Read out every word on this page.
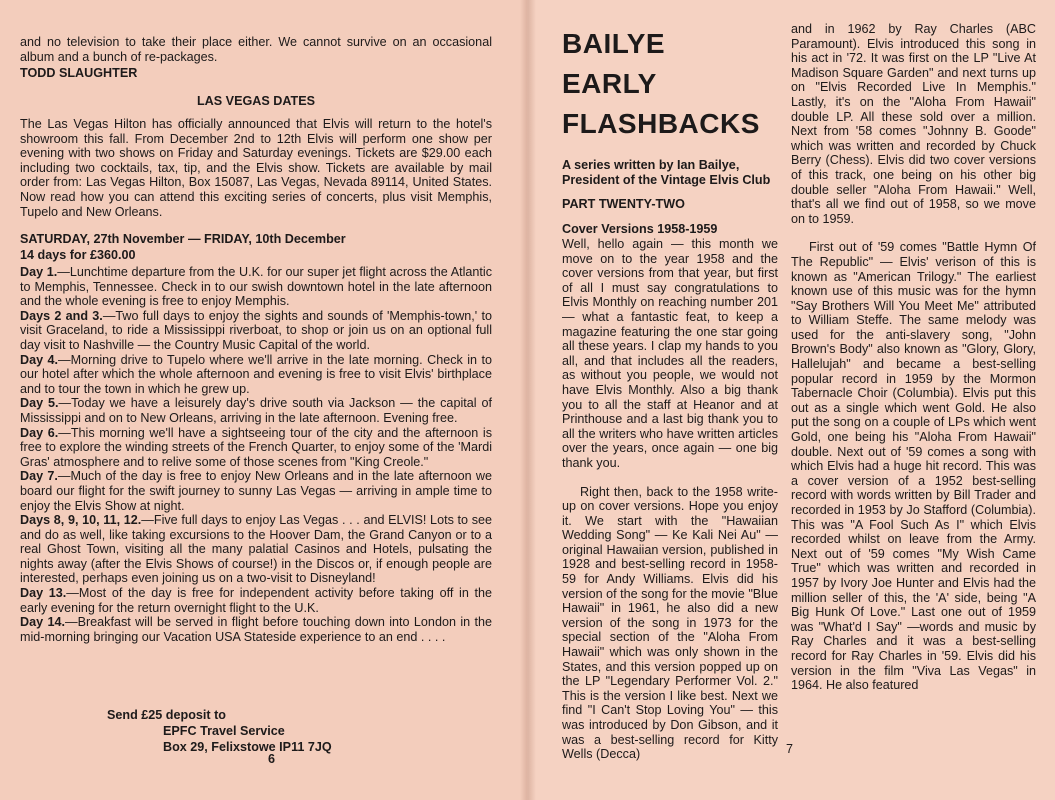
and no television to take their place either. We cannot survive on an occasional album and a bunch of re-packages.
TODD SLAUGHTER
LAS VEGAS DATES
The Las Vegas Hilton has officially announced that Elvis will return to the hotel's showroom this fall. From December 2nd to 12th Elvis will perform one show per evening with two shows on Friday and Saturday evenings. Tickets are $29.00 each including two cocktails, tax, tip, and the Elvis show. Tickets are available by mail order from: Las Vegas Hilton, Box 15087, Las Vegas, Nevada 89114, United States. Now read how you can attend this exciting series of concerts, plus visit Memphis, Tupelo and New Orleans.
SATURDAY, 27th November — FRIDAY, 10th December
14 days for £360.00

Day 1.—Lunchtime departure from the U.K. for our super jet flight across the Atlantic to Memphis, Tennessee. Check in to our swish downtown hotel in the late afternoon and the whole evening is free to enjoy Memphis.

Days 2 and 3.—Two full days to enjoy the sights and sounds of 'Memphis-town,' to visit Graceland, to ride a Mississippi riverboat, to shop or join us on an optional full day visit to Nashville — the Country Music Capital of the world.

Day 4.—Morning drive to Tupelo where we'll arrive in the late morning. Check in to our hotel after which the whole afternoon and evening is free to visit Elvis' birthplace and to tour the town in which he grew up.

Day 5.—Today we have a leisurely day's drive south via Jackson — the capital of Mississippi and on to New Orleans, arriving in the late afternoon. Evening free.

Day 6.—This morning we'll have a sightseeing tour of the city and the afternoon is free to explore the winding streets of the French Quarter, to enjoy some of the 'Mardi Gras' atmosphere and to relive some of those scenes from "King Creole."

Day 7.—Much of the day is free to enjoy New Orleans and in the late afternoon we board our flight for the swift journey to sunny Las Vegas — arriving in ample time to enjoy the Elvis Show at night.

Days 8, 9, 10, 11, 12.—Five full days to enjoy Las Vegas . . . and ELVIS! Lots to see and do as well, like taking excursions to the Hoover Dam, the Grand Canyon or to a real Ghost Town, visiting all the many palatial Casinos and Hotels, pulsating the nights away (after the Elvis Shows of course!) in the Discos or, if enough people are interested, perhaps even joining us on a two-visit to Disneyland!

Day 13.—Most of the day is free for independent activity before taking off in the early evening for the return overnight flight to the U.K.

Day 14.—Breakfast will be served in flight before touching down into London in the mid-morning bringing our Vacation USA Stateside experience to an end . . . .

Send £25 deposit to
EPFC Travel Service
Box 29, Felixstowe IP11 7JQ
6
BAILYE
EARLY
FLASHBACKS
A series written by Ian Bailye, President of the Vintage Elvis Club
PART TWENTY-TWO
Cover Versions 1958-1959

Well, hello again — this month we move on to the year 1958 and the cover versions from that year, but first of all I must say congratulations to Elvis Monthly on reaching number 201 — what a fantastic feat, to keep a magazine featuring the one star going all these years. I clap my hands to you all, and that includes all the readers, as without you people, we would not have Elvis Monthly. Also a big thank you to all the staff at Heanor and at Printhouse and a last big thank you to all the writers who have written articles over the years, once again — one big thank you.

Right then, back to the 1958 write-up on cover versions. Hope you enjoy it. We start with the "Hawaiian Wedding Song" — Ke Kali Nei Au" — original Hawaiian version, published in 1928 and best-selling record in 1958-59 for Andy Williams. Elvis did his version of the song for the movie "Blue Hawaii" in 1961, he also did a new version of the song in 1973 for the special section of the "Aloha From Hawaii" which was only shown in the States, and this version popped up on the LP "Legendary Performer Vol. 2." This is the version I like best. Next we find "I Can't Stop Loving You" — this was introduced by Don Gibson, and it was a best-selling record for Kitty Wells (Decca)

and in 1962 by Ray Charles (ABC Paramount). Elvis introduced this song in his act in '72. It was first on the LP "Live At Madison Square Garden" and next turns up on "Elvis Recorded Live In Memphis." Lastly, it's on the "Aloha From Hawaii" double LP. All these sold over a million. Next from '58 comes "Johnny B. Goode" which was written and recorded by Chuck Berry (Chess). Elvis did two cover versions of this track, one being on his other big double seller "Aloha From Hawaii." Well, that's all we find out of 1958, so we move on to 1959.

First out of '59 comes "Battle Hymn Of The Republic" — Elvis' verison of this is known as "American Trilogy." The earliest known use of this music was for the hymn "Say Brothers Will You Meet Me" attributed to William Steffe. The same melody was used for the anti-slavery song, "John Brown's Body" also known as "Glory, Glory, Hallelujah" and became a best-selling popular record in 1959 by the Mormon Tabernacle Choir (Columbia). Elvis put this out as a single which went Gold. He also put the song on a couple of LPs which went Gold, one being his "Aloha From Hawaii" double. Next out of '59 comes a song with which Elvis had a huge hit record. This was a cover version of a 1952 best-selling record with words written by Bill Trader and recorded in 1953 by Jo Stafford (Columbia). This was "A Fool Such As I" which Elvis recorded whilst on leave from the Army. Next out of '59 comes "My Wish Came True" which was written and recorded in 1957 by Ivory Joe Hunter and Elvis had the million seller of this, the 'A' side, being "A Big Hunk Of Love." Last one out of 1959 was "What'd I Say" —words and music by Ray Charles and it was a best-selling record for Ray Charles in '59. Elvis did his version in the film "Viva Las Vegas" in 1964. He also featured

7
